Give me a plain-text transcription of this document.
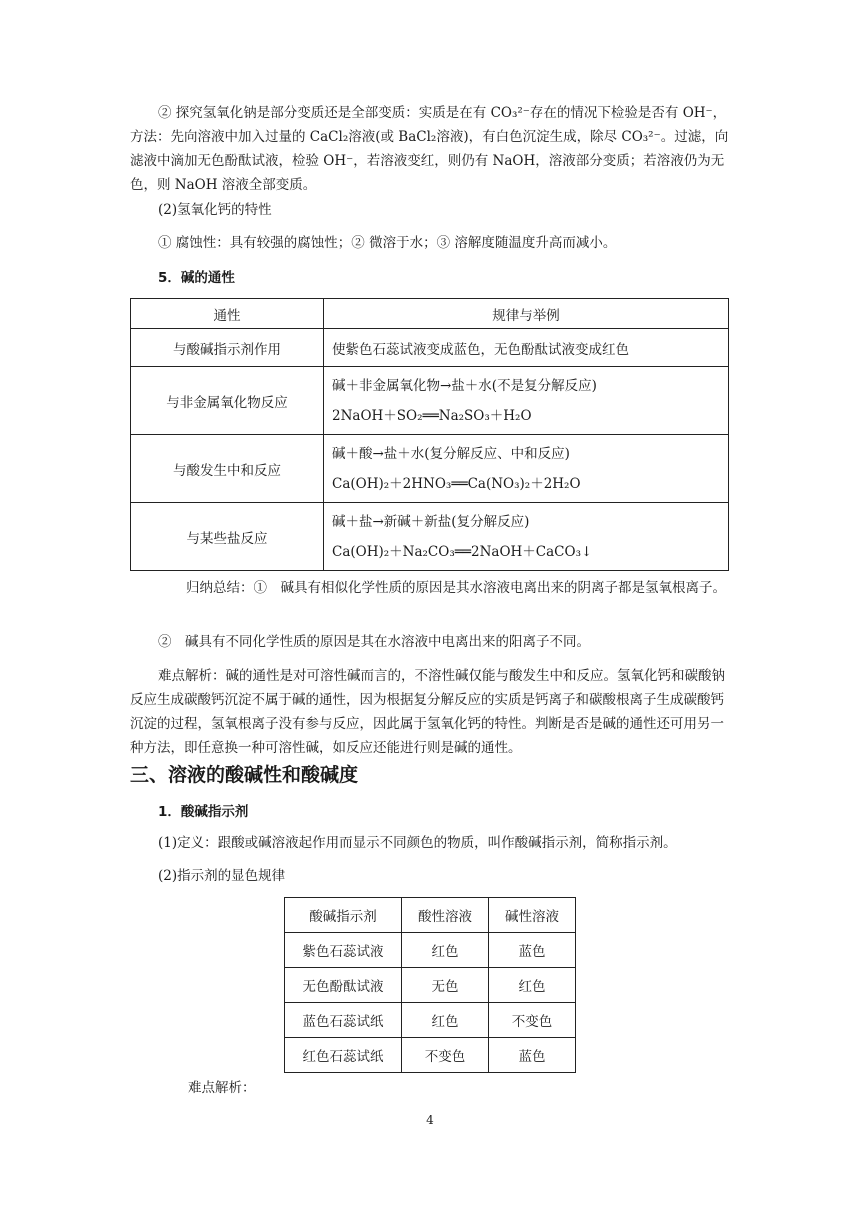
② 探究氢氧化钠是部分变质还是全部变质：实质是在有 CO₃²⁻存在的情况下检验是否有 OH⁻，方法：先向溶液中加入过量的 CaCl₂溶液(或 BaCl₂溶液)，有白色沉淀生成，除尽 CO₃²⁻。过滤，向滤液中滴加无色酚酞试液，检验 OH⁻，若溶液变红，则仍有 NaOH，溶液部分变质；若溶液仍为无色，则 NaOH 溶液全部变质。

(2)氢氧化钙的特性

① 腐蚀性：具有较强的腐蚀性；② 微溶于水；③ 溶解度随温度升高而减小。

5．碱的通性
通性	规律与举例
与酸碱指示剂作用	使紫色石蕊试液变成蓝色，无色酚酞试液变成红色
与非金属氧化物反应	碱＋非金属氧化物→盐＋水(不是复分解反应)
2NaOH＋SO₂══Na₂SO₃＋H₂O

与酸发生中和反应	碱＋酸→盐＋水(复分解反应、中和反应)
Ca(OH)₂＋2HNO₃══Ca(NO₃)₂＋2H₂O

与某些盐反应	碱＋盐→新碱＋新盐(复分解反应)
Ca(OH)₂＋Na₂CO₃══2NaOH＋CaCO₃↓

归纳总结：①　碱具有相似化学性质的原因是其水溶液电离出来的阴离子都是氢氧根离子。

②　碱具有不同化学性质的原因是其在水溶液中电离出来的阳离子不同。

难点解析：碱的通性是对可溶性碱而言的，不溶性碱仅能与酸发生中和反应。氢氧化钙和碳酸钠反应生成碳酸钙沉淀不属于碱的通性，因为根据复分解反应的实质是钙离子和碳酸根离子生成碳酸钙沉淀的过程，氢氧根离子没有参与反应，因此属于氢氧化钙的特性。判断是否是碱的通性还可用另一种方法，即任意换一种可溶性碱，如反应还能进行则是碱的通性。

三、溶液的酸碱性和酸碱度
1．酸碱指示剂

(1)定义：跟酸或碱溶液起作用而显示不同颜色的物质，叫作酸碱指示剂，简称指示剂。

(2)指示剂的显色规律

酸碱指示剂	酸性溶液	碱性溶液
紫色石蕊试液	红色	蓝色
无色酚酞试液	无色	红色
蓝色石蕊试纸	红色	不变色
红色石蕊试纸	不变色	蓝色

难点解析：

4
